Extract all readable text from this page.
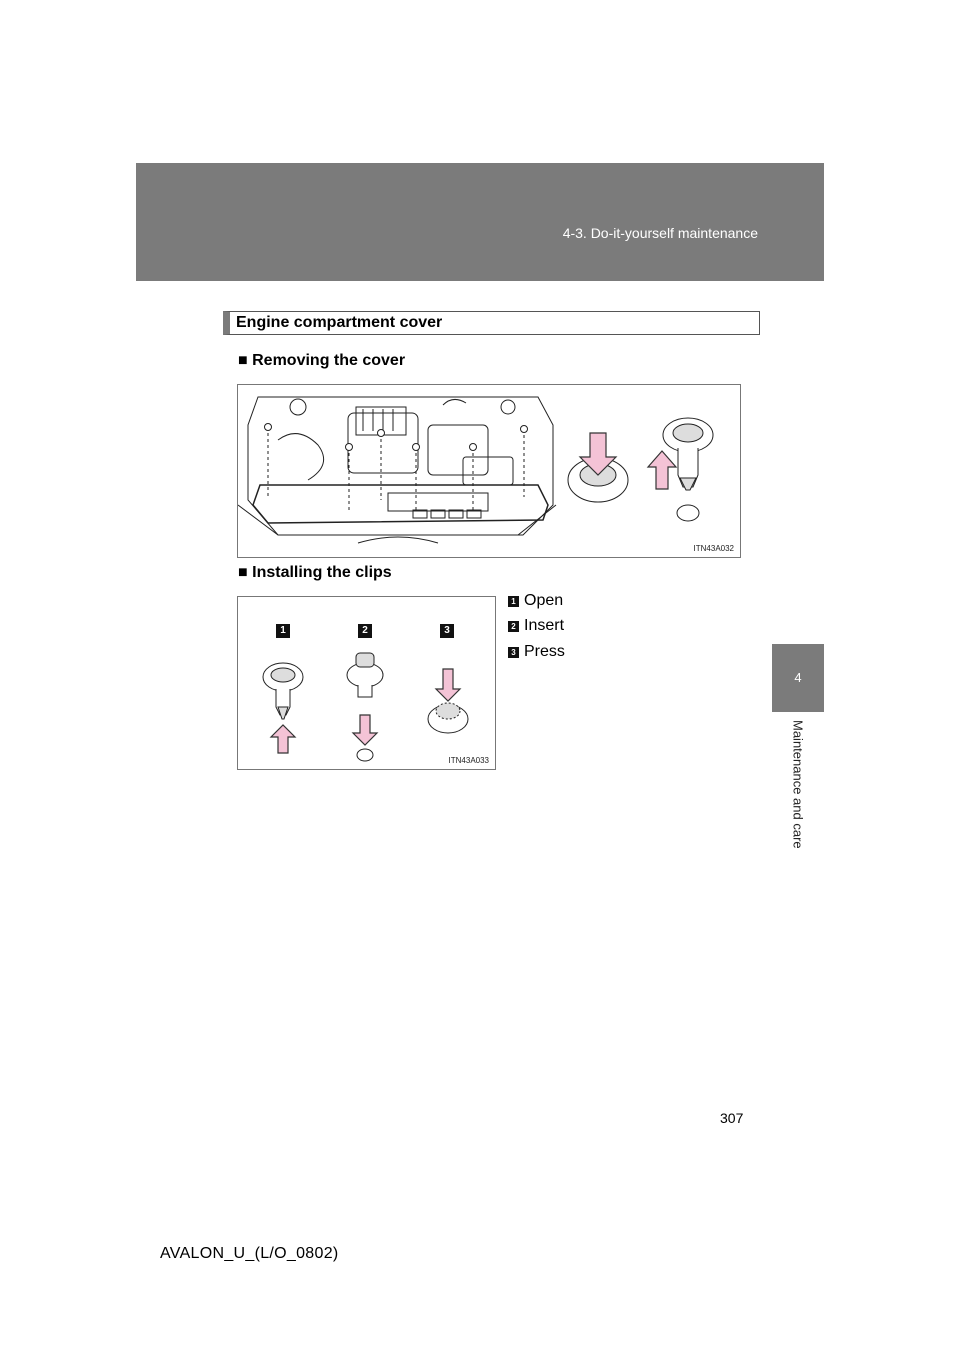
4-3. Do-it-yourself maintenance
4
Maintenance and care
Engine compartment cover
■ Removing the cover
ITN43A032
■ Installing the clips
1	2	3
ITN43A033
1 Open
2 Insert
3 Press
307
AVALON_U_(L/O_0802)
